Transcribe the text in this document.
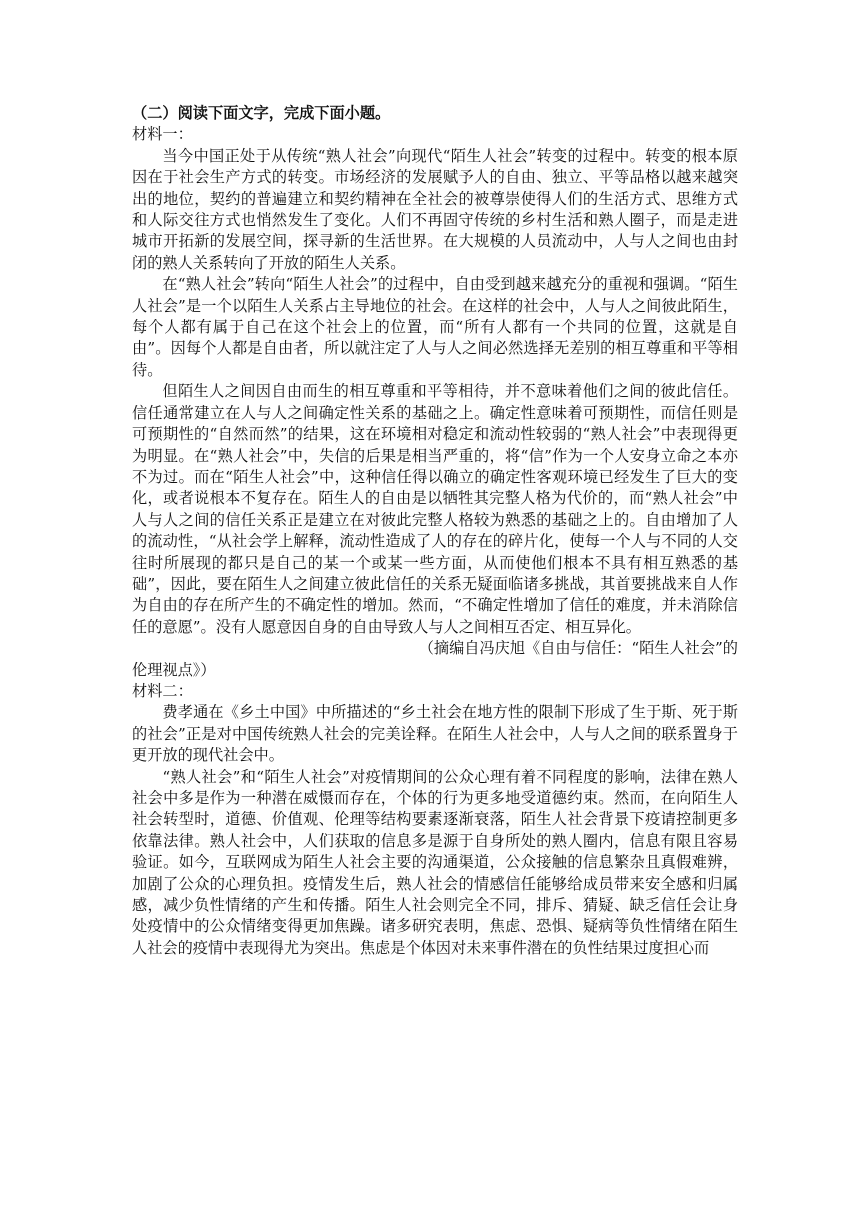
（二）阅读下面文字，完成下面小题。

材料一：

当今中国正处于从传统“熟人社会”向现代“陌生人社会”转变的过程中。转变的根本原因在于社会生产方式的转变。市场经济的发展赋予人的自由、独立、平等品格以越来越突出的地位，契约的普遍建立和契约精神在全社会的被尊崇使得人们的生活方式、思维方式和人际交往方式也悄然发生了变化。人们不再固守传统的乡村生活和熟人圈子，而是走进城市开拓新的发展空间，探寻新的生活世界。在大规模的人员流动中，人与人之间也由封闭的熟人关系转向了开放的陌生人关系。

在“熟人社会”转向“陌生人社会”的过程中，自由受到越来越充分的重视和强调。“陌生人社会”是一个以陌生人关系占主导地位的社会。在这样的社会中，人与人之间彼此陌生，每个人都有属于自己在这个社会上的位置，而“所有人都有一个共同的位置，这就是自由”。因每个人都是自由者，所以就注定了人与人之间必然选择无差别的相互尊重和平等相待。

但陌生人之间因自由而生的相互尊重和平等相待，并不意味着他们之间的彼此信任。信任通常建立在人与人之间确定性关系的基础之上。确定性意味着可预期性，而信任则是可预期性的“自然而然”的结果，这在环境相对稳定和流动性较弱的“熟人社会”中表现得更为明显。在“熟人社会”中，失信的后果是相当严重的，将“信”作为一个人安身立命之本亦不为过。而在“陌生人社会”中，这种信任得以确立的确定性客观环境已经发生了巨大的变化，或者说根本不复存在。陌生人的自由是以牺牲其完整人格为代价的，而“熟人社会”中人与人之间的信任关系正是建立在对彼此完整人格较为熟悉的基础之上的。自由增加了人的流动性，“从社会学上解释，流动性造成了人的存在的碎片化，使每一个人与不同的人交往时所展现的都只是自己的某一个或某一些方面，从而使他们根本不具有相互熟悉的基础”，因此，要在陌生人之间建立彼此信任的关系无疑面临诸多挑战，其首要挑战来自人作为自由的存在所产生的不确定性的增加。然而，“不确定性增加了信任的难度，并未消除信任的意愿”。没有人愿意因自身的自由导致人与人之间相互否定、相互异化。

（摘编自冯庆旭《自由与信任：“陌生人社会”的
伦理视点》）

材料二：

费孝通在《乡土中国》中所描述的“乡土社会在地方性的限制下形成了生于斯、死于斯的社会”正是对中国传统熟人社会的完美诠释。在陌生人社会中，人与人之间的联系置身于更开放的现代社会中。

“熟人社会”和“陌生人社会”对疫情期间的公众心理有着不同程度的影响，法律在熟人社会中多是作为一种潜在威慑而存在，个体的行为更多地受道德约束。然而，在向陌生人社会转型时，道德、价值观、伦理等结构要素逐渐衰落，陌生人社会背景下疫请控制更多依靠法律。熟人社会中，人们获取的信息多是源于自身所处的熟人圈内，信息有限且容易验证。如今，互联网成为陌生人社会主要的沟通渠道，公众接触的信息繁杂且真假难辨，加剧了公众的心理负担。疫情发生后，熟人社会的情感信任能够给成员带来安全感和归属感，减少负性情绪的产生和传播。陌生人社会则完全不同，排斥、猜疑、缺乏信任会让身处疫情中的公众情绪变得更加焦躁。诸多研究表明，焦虑、恐惧、疑病等负性情绪在陌生人社会的疫情中表现得尤为突出。焦虑是个体因对未来事件潜在的负性结果过度担心而
